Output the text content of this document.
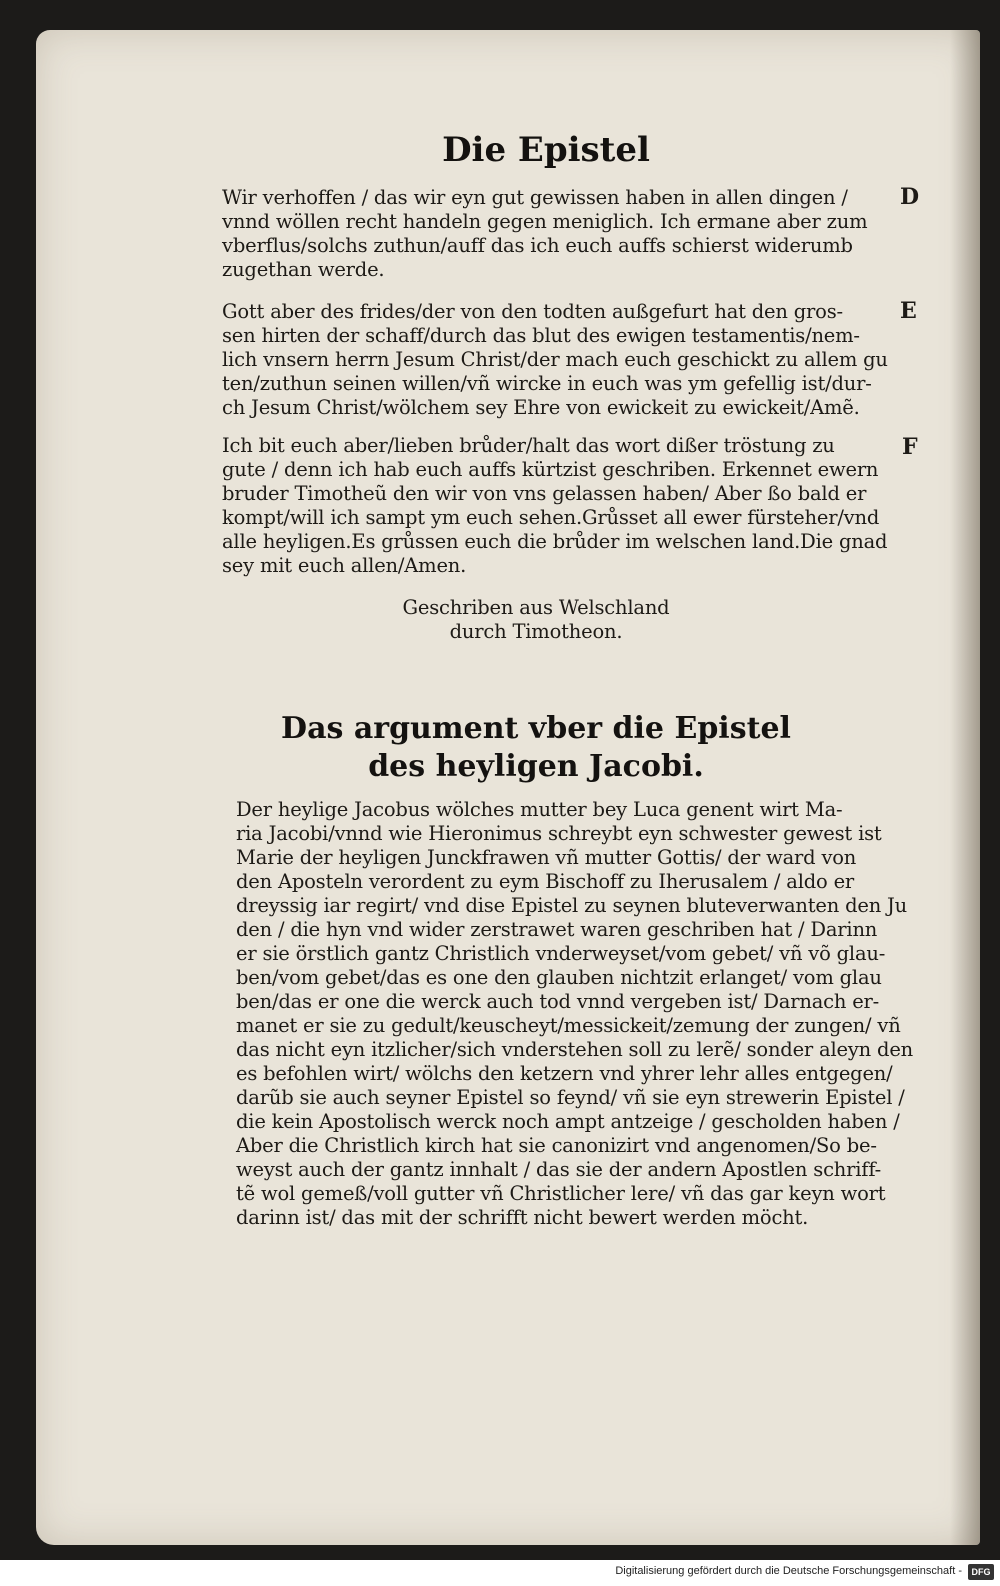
Die Epistel
Wir verhoffen / das wir eyn gut gewissen haben in allen dingen /
vnnd wöllen recht handeln gegen meniglich. Ich ermane aber zum
vberflus/solchs zuthun/auff das ich euch auffs schierst widerumb
zugethan werde.
D
Gott aber des frides/der von den todten außgefurt hat den gros-
sen hirten der schaff/durch das blut des ewigen testamentis/nem-
lich vnsern herrn Jesum Christ/der mach euch geschickt zu allem gu
ten/zuthun seinen willen/vñ wircke in euch was ym gefellig ist/dur-
ch Jesum Christ/wölchem sey Ehre von ewickeit zu ewickeit/Amẽ.
E
Ich bit euch aber/lieben brůder/halt das wort dißer tröstung zu
gute / denn ich hab euch auffs kürtzist geschriben. Erkennet ewern
bruder Timotheũ den wir von vns gelassen haben/ Aber ßo bald er
kompt/will ich sampt ym euch sehen.Grůsset all ewer fürsteher/vnd
alle heyligen.Es grůssen euch die brůder im welschen land.Die gnad
sey mit euch allen/Amen.
F
Geschriben aus Welschland
durch Timotheon.
Das argument vber die Epistel
des heyligen Jacobi.
Der heylige Jacobus wölches mutter bey Luca genent wirt Ma-
ria Jacobi/vnnd wie Hieronimus schreybt eyn schwester gewest ist
Marie der heyligen Junckfrawen vñ mutter Gottis/ der ward von
den Aposteln verordent zu eym Bischoff zu Iherusalem / aldo er
dreyssig iar regirt/ vnd dise Epistel zu seynen bluteverwanten den Ju
den / die hyn vnd wider zerstrawet waren geschriben hat / Darinn
er sie örstlich gantz Christlich vnderweyset/vom gebet/ vñ võ glau-
ben/vom gebet/das es one den glauben nichtzit erlanget/ vom glau
ben/das er one die werck auch tod vnnd vergeben ist/ Darnach er-
manet er sie zu gedult/keuscheyt/messickeit/zemung der zungen/ vñ
das nicht eyn itzlicher/sich vnderstehen soll zu lerẽ/ sonder aleyn den
es befohlen wirt/ wölchs den ketzern vnd yhrer lehr alles entgegen/
darũb sie auch seyner Epistel so feynd/ vñ sie eyn strewerin Epistel /
die kein Apostolisch werck noch ampt antzeige / gescholden haben /
Aber die Christlich kirch hat sie canonizirt vnd angenomen/So be-
weyst auch der gantz innhalt / das sie der andern Apostlen schriff-
tẽ wol gemeß/voll gutter vñ Christlicher lere/ vñ das gar keyn wort
darinn ist/ das mit der schrifft nicht bewert werden möcht.
Digitalisierung gefördert durch die Deutsche Forschungsgemeinschaft -	DFG
